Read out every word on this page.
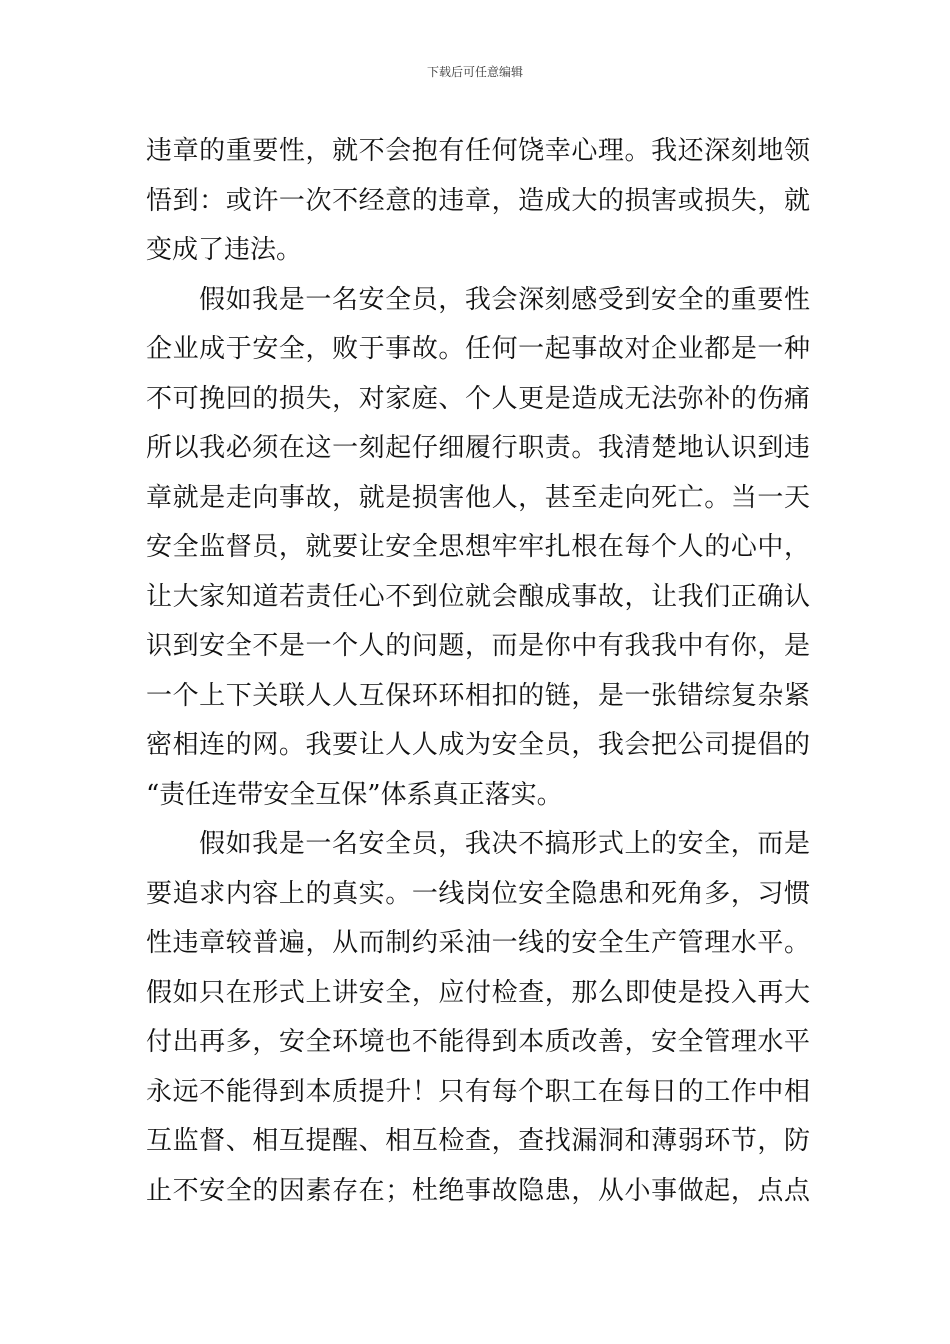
下载后可任意编辑
违章的重要性，就不会抱有任何饶幸心理。我还深刻地领
悟到：或许一次不经意的违章，造成大的损害或损失，就
变成了违法。
假如我是一名安全员，我会深刻感受到安全的重要性
企业成于安全，败于事故。任何一起事故对企业都是一种
不可挽回的损失，对家庭、个人更是造成无法弥补的伤痛
所以我必须在这一刻起仔细履行职责。我清楚地认识到违
章就是走向事故，就是损害他人，甚至走向死亡。当一天
安全监督员，就要让安全思想牢牢扎根在每个人的心中，
让大家知道若责任心不到位就会酿成事故，让我们正确认
识到安全不是一个人的问题，而是你中有我我中有你，是
一个上下关联人人互保环环相扣的链，是一张错综复杂紧
密相连的网。我要让人人成为安全员，我会把公司提倡的
“责任连带安全互保”体系真正落实。
假如我是一名安全员，我决不搞形式上的安全，而是
要追求内容上的真实。一线岗位安全隐患和死角多，习惯
性违章较普遍，从而制约采油一线的安全生产管理水平。
假如只在形式上讲安全，应付检查，那么即使是投入再大
付出再多，安全环境也不能得到本质改善，安全管理水平
永远不能得到本质提升！只有每个职工在每日的工作中相
互监督、相互提醒、相互检查，查找漏洞和薄弱环节，防
止不安全的因素存在；杜绝事故隐患，从小事做起，点点
